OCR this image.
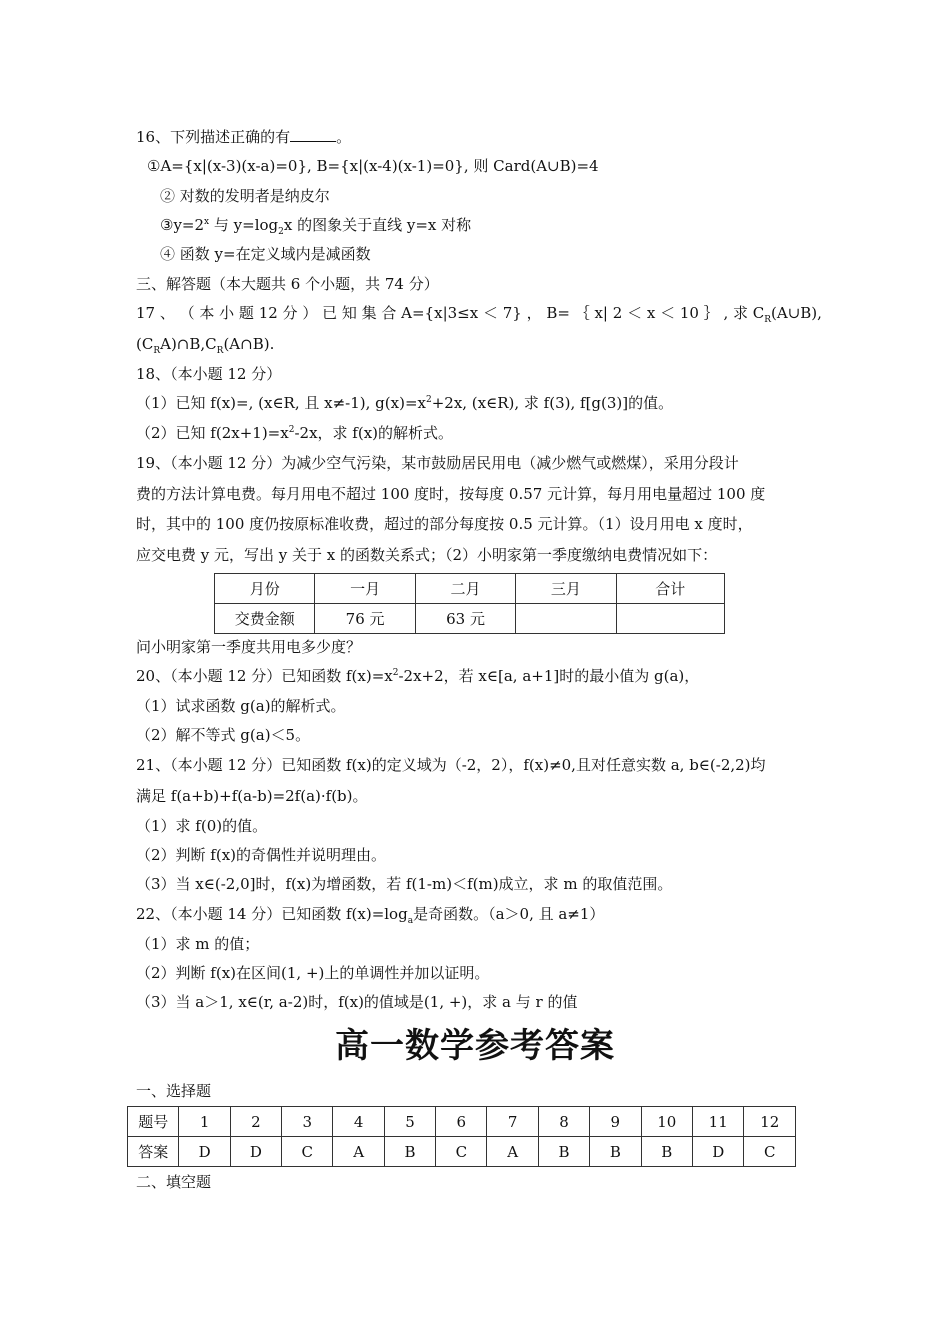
16、下列描述正确的有	。
①A={x|(x-3)(x-a)=0}, B={x|(x-4)(x-1)=0}, 则 Card(A∪B)=4
② 对数的发明者是纳皮尔
$③y=2^x$ 与 $y=\log_2x$ 的图象关于直线 y=x 对称
④ 函数 y=在定义域内是减函数
三、解答题（本大题共 6 个小题，共 74 分）
17 、 （ 本 小 题 12 分 ） 已 知 集 合 A={x|3≤x ＜ 7} ， B= ｛ x| 2 ＜ x ＜ 10 ｝ , 求 $C_R(A\cup B)$,
$(C_RA)\cap B,C_R(A\cap B)$.
18、（本小题 12 分）
（1）已知 f(x)=, (x∈R, 且 x≠-1), $g(x)=x^2+2x$, (x∈R), 求 f(3), f[g(3)]的值。
（2）已知 $f(2x+1)=x^2-2x$，求 f(x)的解析式。
19、（本小题 12 分）为减少空气污染，某市鼓励居民用电（减少燃气或燃煤），采用分段计
费的方法计算电费。每月用电不超过 100 度时，按每度 0.57 元计算，每月用电量超过 100 度
时，其中的 100 度仍按原标准收费，超过的部分每度按 0.5 元计算。（1）设月用电 x 度时，
应交电费 y 元，写出 y 关于 x 的函数关系式；（2）小明家第一季度缴纳电费情况如下：
月份	一月	二月	三月	合计
交费金额	76 元	63 元		
问小明家第一季度共用电多少度？
20、（本小题 12 分）已知函数 $f(x)=x^2-2x+2$，若 x∈[a, a+1]时的最小值为 g(a)，
（1）试求函数 g(a)的解析式。
（2）解不等式 g(a)＜5。
21、（本小题 12 分）已知函数 f(x)的定义域为（-2，2），f(x)≠0,且对任意实数 a, b∈(-2,2)均
满足 f(a+b)+f(a-b)=2f(a)·f(b)。
（1）求 f(0)的值。
（2）判断 f(x)的奇偶性并说明理由。
（3）当 x∈(-2,0]时，f(x)为增函数，若 f(1-m)＜f(m)成立，求 m 的取值范围。
22、（本小题 14 分）已知函数 $f(x)=\log_a$是奇函数。（a＞0, 且 a≠1）
（1）求 m 的值；
（2）判断 f(x)在区间(1, +)上的单调性并加以证明。
（3）当 a＞1, x∈(r, a-2)时，f(x)的值域是(1, +)，求 a 与 r 的值
高一数学参考答案
一、选择题
题号	1	2	3	4	5	6	7	8	9	10	11	12
答案	D	D	C	A	B	C	A	B	B	B	D	C
二、填空题
